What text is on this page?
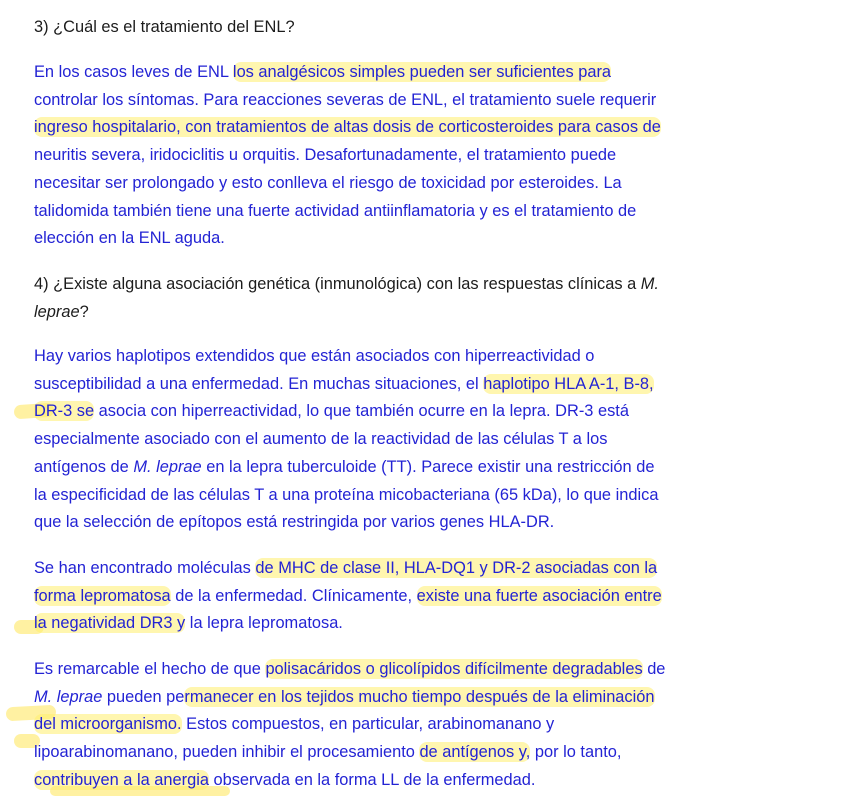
3) ¿Cuál es el tratamiento del ENL?

En los casos leves de ENL los analgésicos simples pueden ser suficientes para
controlar los síntomas. Para reacciones severas de ENL, el tratamiento suele requerir
ingreso hospitalario, con tratamientos de altas dosis de corticosteroides para casos de
neuritis severa, iridociclitis u orquitis. Desafortunadamente, el tratamiento puede
necesitar ser prolongado y esto conlleva el riesgo de toxicidad por esteroides. La
talidomida también tiene una fuerte actividad antiinflamatoria y es el tratamiento de
elección en la ENL aguda.

4) ¿Existe alguna asociación genética (inmunológica) con las respuestas clínicas a M.
leprae?

Hay varios haplotipos extendidos que están asociados con hiperreactividad o
susceptibilidad a una enfermedad. En muchas situaciones, el haplotipo HLA A-1, B-8,
DR-3 se asocia con hiperreactividad, lo que también ocurre en la lepra. DR-3 está
especialmente asociado con el aumento de la reactividad de las células T a los
antígenos de M. leprae en la lepra tuberculoide (TT). Parece existir una restricción de
la especificidad de las células T a una proteína micobacteriana (65 kDa), lo que indica
que la selección de epítopos está restringida por varios genes HLA-DR.

Se han encontrado moléculas de MHC de clase II, HLA-DQ1 y DR-2 asociadas con la
forma lepromatosa de la enfermedad. Clínicamente, existe una fuerte asociación entre
la negatividad DR3 y la lepra lepromatosa.

Es remarcable el hecho de que polisacáridos o glicolípidos difícilmente degradables de
M. leprae pueden permanecer en los tejidos mucho tiempo después de la eliminación
del microorganismo. Estos compuestos, en particular, arabinomanano y
lipoarabinomanano, pueden inhibir el procesamiento de antígenos y, por lo tanto,
contribuyen a la anergia observada en la forma LL de la enfermedad.
